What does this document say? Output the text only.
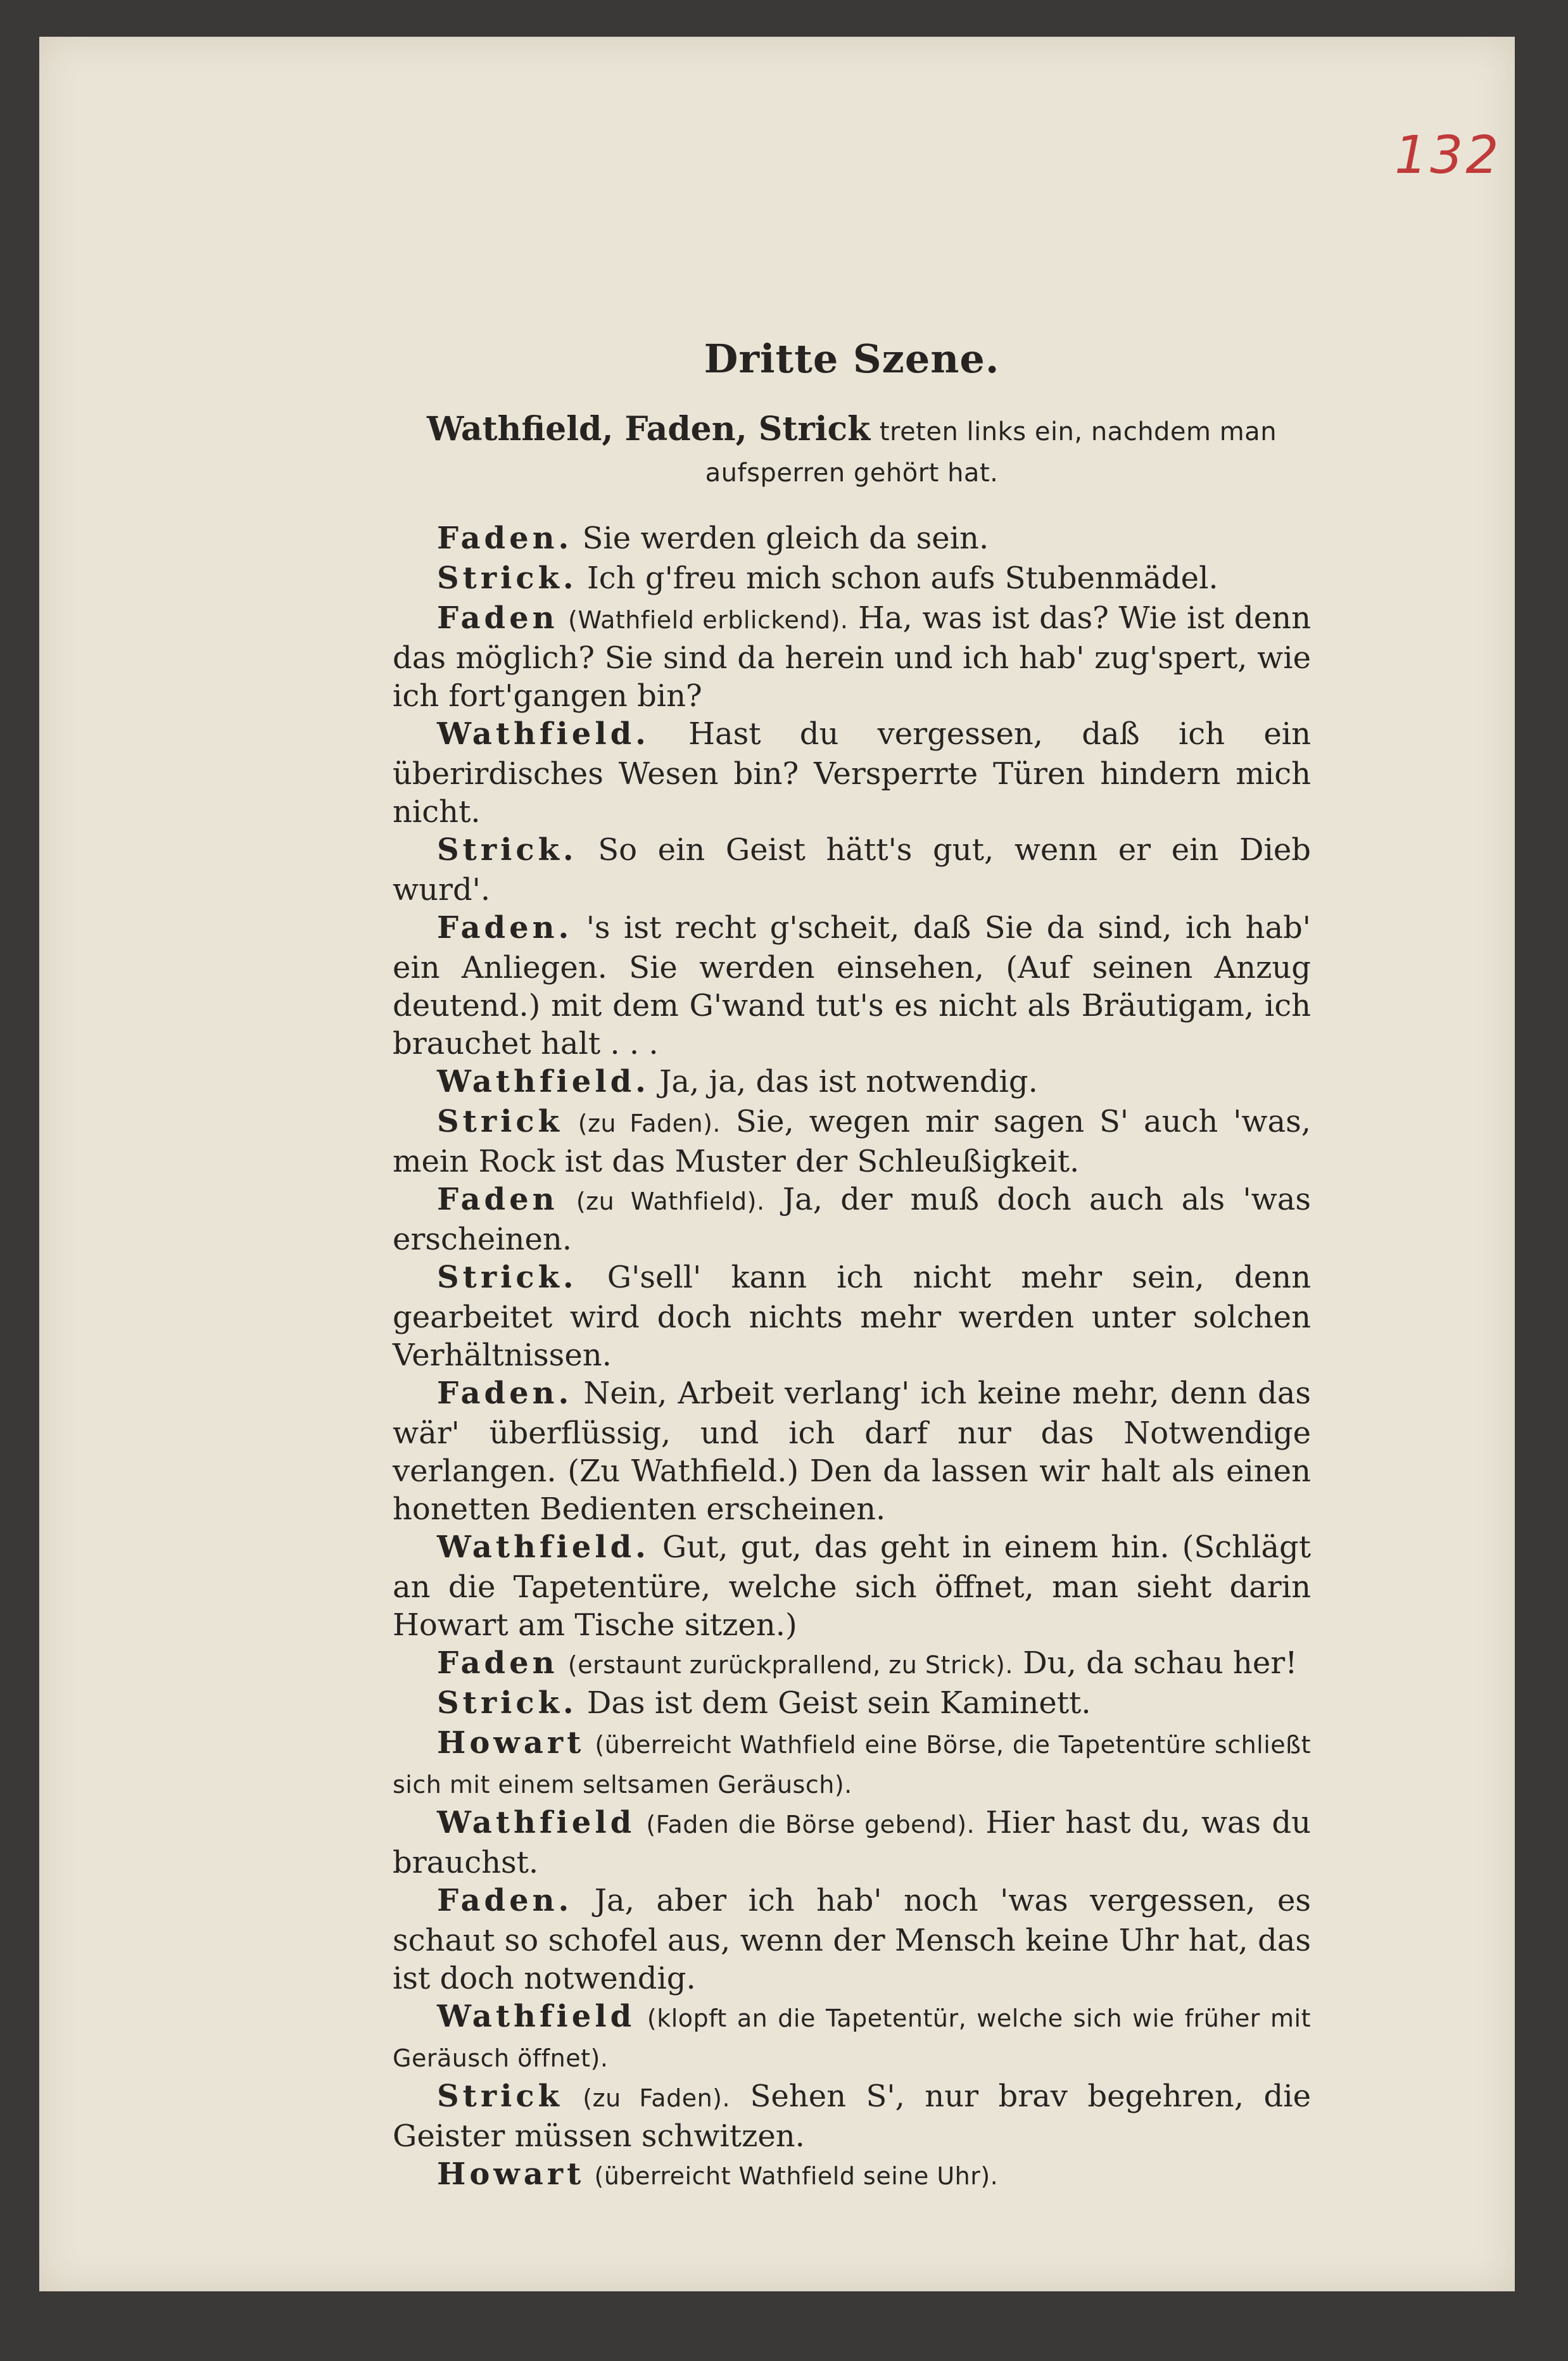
132
Dritte Szene.
Wathfield, Faden, Strick treten links ein, nachdem man aufsperren gehört hat.

Faden. Sie werden gleich da sein.

Strick. Ich g'freu mich schon aufs Stubenmädel.

Faden (Wathfield erblickend). Ha, was ist das? Wie ist denn das möglich? Sie sind da herein und ich hab' zug'spert, wie ich fort'gangen bin?

Wathfield. Hast du vergessen, daß ich ein überirdisches Wesen bin? Versperrte Türen hindern mich nicht.

Strick. So ein Geist hätt's gut, wenn er ein Dieb wurd'.

Faden. 's ist recht g'scheit, daß Sie da sind, ich hab' ein Anliegen. Sie werden einsehen, (Auf seinen Anzug deutend.) mit dem G'wand tut's es nicht als Bräutigam, ich brauchet halt . . .

Wathfield. Ja, ja, das ist notwendig.

Strick (zu Faden). Sie, wegen mir sagen S' auch 'was, mein Rock ist das Muster der Schleußigkeit.

Faden (zu Wathfield). Ja, der muß doch auch als 'was erscheinen.

Strick. G'sell' kann ich nicht mehr sein, denn gearbeitet wird doch nichts mehr werden unter solchen Verhältnissen.

Faden. Nein, Arbeit verlang' ich keine mehr, denn das wär' überflüssig, und ich darf nur das Notwendige verlangen. (Zu Wathfield.) Den da lassen wir halt als einen honetten Bedienten erscheinen.

Wathfield. Gut, gut, das geht in einem hin. (Schlägt an die Tapetentüre, welche sich öffnet, man sieht darin Howart am Tische sitzen.)

Faden (erstaunt zurückprallend, zu Strick). Du, da schau her!

Strick. Das ist dem Geist sein Kaminett.

Howart (überreicht Wathfield eine Börse, die Tapetentüre schließt sich mit einem seltsamen Geräusch).

Wathfield (Faden die Börse gebend). Hier hast du, was du brauchst.

Faden. Ja, aber ich hab' noch 'was vergessen, es schaut so schofel aus, wenn der Mensch keine Uhr hat, das ist doch notwendig.

Wathfield (klopft an die Tapetentür, welche sich wie früher mit Geräusch öffnet).

Strick (zu Faden). Sehen S', nur brav begehren, die Geister müssen schwitzen.

Howart (überreicht Wathfield seine Uhr).
